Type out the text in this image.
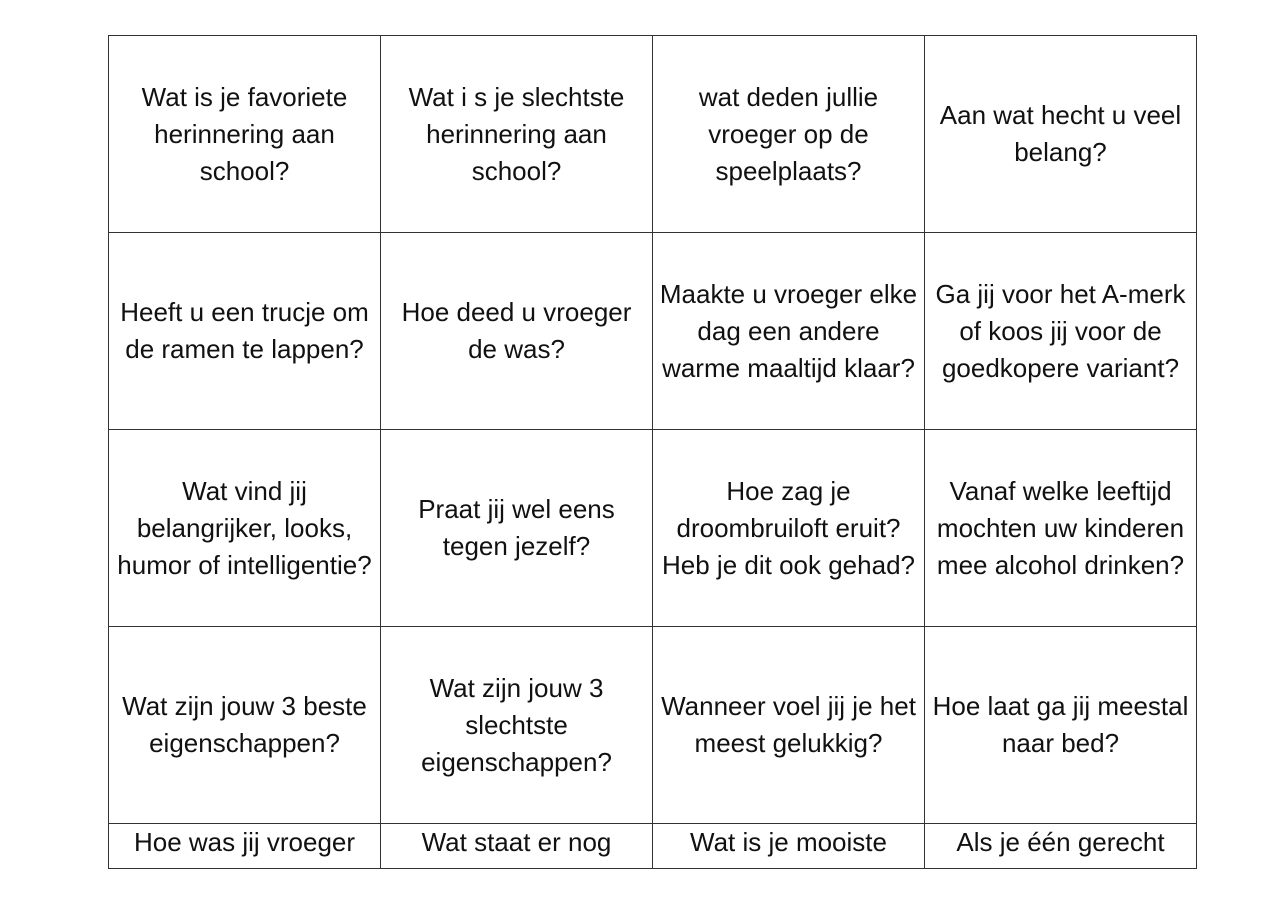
Wat is je favoriete herinnering aan school?	Wat i s je slechtste herinnering aan school?	wat deden jullie vroeger op de speelplaats?	Aan wat hecht u veel belang?
Heeft u een trucje om de ramen te lappen?	Hoe deed u vroeger de was?	Maakte u vroeger elke dag een andere warme maaltijd klaar?	Ga jij voor het A-merk of koos jij voor de goedkopere variant?
Wat vind jij belangrijker, looks, humor of intelligentie?	Praat jij wel eens tegen jezelf?	Hoe zag je droombruiloft eruit? Heb je dit ook gehad?	Vanaf welke leeftijd mochten uw kinderen mee alcohol drinken?
Wat zijn jouw 3 beste eigenschappen?	Wat zijn jouw 3 slechtste eigenschappen?	Wanneer voel jij je het meest gelukkig?	Hoe laat ga jij meestal naar bed?
Hoe was jij vroeger	Wat staat er nog	Wat is je mooiste	Als je één gerecht
